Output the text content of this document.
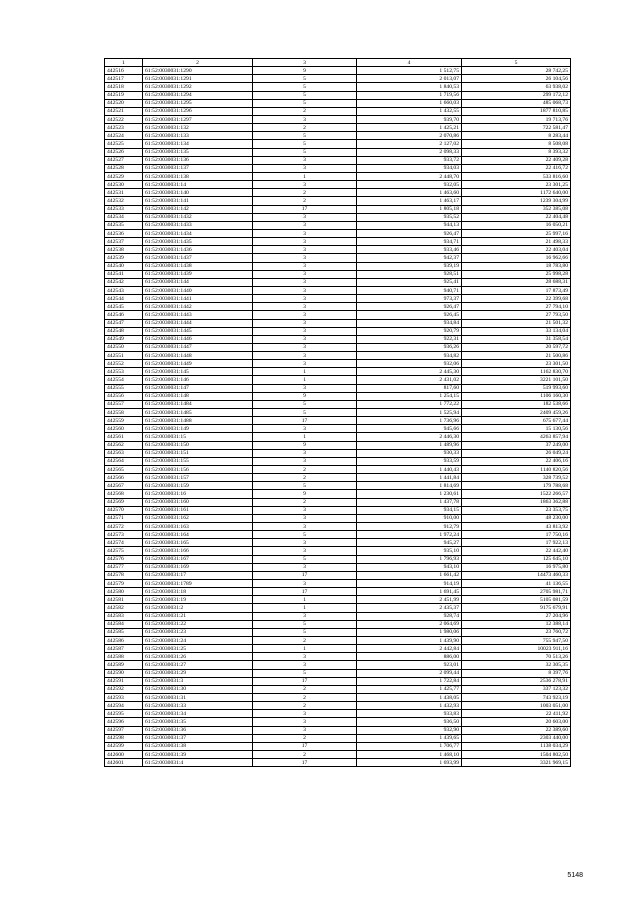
1	2	3	4	5
442516	61:52:0030031:1290	9	1 512,75	28 742,25
442517	61:52:0030031:1291	5	2 013,07	26 104,56
442518	61:52:0030031:1292	5	1 840,53	63 938,02
442519	61:52:0030031:1294	5	1 719,56	299 172,12
442520	61:52:0030031:1295	5	1 660,03	485 068,73
442521	61:52:0030031:1296	2	1 432,55	1877 810,85
442522	61:52:0030031:1297	3	939,70	19 713,76
442523	61:52:0030031:132	2	1 425,21	722 581,47
442524	61:52:0030031:133	5	2 070,86	8 283,44
442525	61:52:0030031:134	5	2 127,02	8 508,08
442526	61:52:0030031:135	5	2 098,33	8 393,32
442527	61:52:0030031:136	3	933,72	22 409,28
442528	61:52:0030031:137	3	934,03	22 416,72
442529	61:52:0030031:138	1	2 448,70	533 816,60
442530	61:52:0030031:14	3	932,05	23 301,25
442531	61:52:0030031:140	2	1 463,60	1172 640,00
442532	61:52:0030031:141	2	1 463,17	1239 304,99
442533	61:52:0030031:142	17	1 805,18	352 385,08
442534	61:52:0030031:1432	3	935,52	22 404,48
442535	61:52:0030031:1433	3	944,13	16 050,21
442536	61:52:0030031:1434	3	926,47	25 997,16
442537	61:52:0030031:1435	3	934,71	21 498,33
442538	61:52:0030031:1436	3	933,46	22 403,04
442539	61:52:0030031:1437	3	942,37	16 962,66
442540	61:52:0030031:1438	3	939,19	18 783,80
442541	61:52:0030031:1439	3	928,51	25 998,28
442542	61:52:0030031:144	3	925,41	28 688,31
442543	61:52:0030031:1440	3	940,71	17 873,49
442544	61:52:0030031:1441	3	973,37	22 399,68
442545	61:52:0030031:1442	3	926,47	27 794,10
442546	61:52:0030031:1443	3	926,45	27 793,50
442547	61:52:0030031:1444	3	934,84	21 501,32
442548	61:52:0030031:1445	3	920,79	33 134,04
442549	61:52:0030031:1446	3	922,31	31 358,54
442550	61:52:0030031:1447	3	936,26	20 597,72
442551	61:52:0030031:1448	3	934,82	21 500,86
442552	61:52:0030031:1449	3	932,06	23 301,50
442553	61:52:0030031:145	1	2 445,30	1162 830,70
442554	61:52:0030031:146	1	2 431,02	3221 101,50
442555	61:52:0030031:147	3	817,60	519 993,60
442556	61:52:0030031:148	9	1 254,15	1106 160,30
442557	61:52:0030031:1484	5	1 772,22	182 538,66
442558	61:52:0030031:1485	5	1 525,94	2409 459,26
442559	61:52:0030031:1488	17	1 736,96	675 677,44
442560	61:52:0030031:149	3	945,66	15 130,56
442561	61:52:0030031:15	1	2 446,30	4263 857,94
442562	61:52:0030031:150	9	1 489,96	37 249,00
442563	61:52:0030031:151	3	930,33	26 049,24
442564	61:52:0030031:155	3	933,59	22 406,16
442565	61:52:0030031:156	2	1 440,43	1140 820,56
442566	61:52:0030031:157	2	1 441,84	328 739,52
442567	61:52:0030031:159	5	1 814,69	179 788,68
442568	61:52:0030031:16	9	1 230,61	1522 266,57
442569	61:52:0030031:160	2	1 437,78	1863 362,88
442570	61:52:0030031:161	3	934,15	23 353,75
442571	61:52:0030031:162	3	910,00	48 230,00
442572	61:52:0030031:163	3	912,79	43 813,92
442573	61:52:0030031:164	5	1 972,24	17 750,16
442574	61:52:0030031:165	3	945,27	17 922,13
442575	61:52:0030031:166	3	935,10	22 442,40
442576	61:52:0030031:167	5	1 796,93	125 645,10
442577	61:52:0030031:169	3	943,10	16 975,80
442578	61:52:0030031:17	17	1 661,42	14473 460,33
442579	61:52:0030031:1789	3	914,19	41 136,55
442580	61:52:0030031:18	17	1 691,45	2705 981,71
442581	61:52:0030031:19	1	2 451,99	5105 081,59
442582	61:52:0030031:2	1	2 435,37	9175 679,91
442583	61:52:0030031:21	3	928,74	27 204,96
442584	61:52:0030031:22	5	2 064,69	12 388,14
442585	61:52:0030031:23	5	1 980,06	23 760,72
442586	61:52:0030031:24	2	1 439,90	755 947,50
442587	61:52:0030031:25	1	2 442,84	10023 911,16
442588	61:52:0030031:26	3	886,00	70 513,26
442589	61:52:0030031:27	3	923,01	32 305,35
442590	61:52:0030031:29	5	2 099,44	8 397,76
442591	61:52:0030031:3	17	1 722,84	2536 278,91
442592	61:52:0030031:30	2	1 425,77	337 123,32
442593	61:52:0030031:31	2	1 438,05	743 923,19
442594	61:52:0030031:33	2	1 432,93	1003 051,00
442595	61:52:0030031:34	3	933,83	22 411,92
442596	61:52:0030031:35	3	936,50	20 603,00
442597	61:52:0030031:36	3	932,90	22 389,60
442598	61:52:0030031:37	2	1 439,65	2303 440,00
442599	61:52:0030031:38	17	1 706,77	1138 034,29
442600	61:52:0030031:39	2	1 468,10	1504 802,50
442601	61:52:0030031:4	17	1 693,99	3321 969,15
5148
